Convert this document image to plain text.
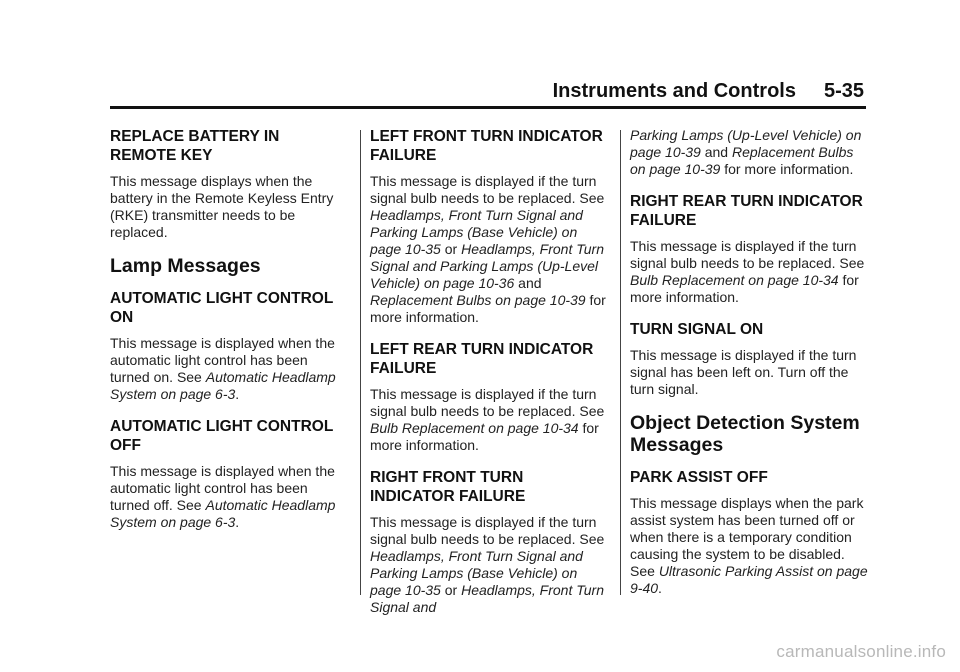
Instruments and Controls 5-35
REPLACE BATTERY IN REMOTE KEY

This message displays when the battery in the Remote Keyless Entry (RKE) transmitter needs to be replaced.

Lamp Messages
AUTOMATIC LIGHT CONTROL ON

This message is displayed when the automatic light control has been turned on. See Automatic Headlamp System on page 6-3.

AUTOMATIC LIGHT CONTROL OFF

This message is displayed when the automatic light control has been turned off. See Automatic Headlamp System on page 6-3.

LEFT FRONT TURN INDICATOR FAILURE

This message is displayed if the turn signal bulb needs to be replaced. See Headlamps, Front Turn Signal and Parking Lamps (Base Vehicle) on page 10-35 or Headlamps, Front Turn Signal and Parking Lamps (Up-Level Vehicle) on page 10-36 and Replacement Bulbs on page 10-39 for more information.

LEFT REAR TURN INDICATOR FAILURE

This message is displayed if the turn signal bulb needs to be replaced. See Bulb Replacement on page 10-34 for more information.

RIGHT FRONT TURN INDICATOR FAILURE

This message is displayed if the turn signal bulb needs to be replaced. See Headlamps, Front Turn Signal and Parking Lamps (Base Vehicle) on page 10-35 or Headlamps, Front Turn Signal and

Parking Lamps (Up-Level Vehicle) on page 10-39 and Replacement Bulbs on page 10-39 for more information.

RIGHT REAR TURN INDICATOR FAILURE

This message is displayed if the turn signal bulb needs to be replaced. See Bulb Replacement on page 10-34 for more information.

TURN SIGNAL ON

This message is displayed if the turn signal has been left on. Turn off the turn signal.

Object Detection System Messages
PARK ASSIST OFF

This message displays when the park assist system has been turned off or when there is a temporary condition causing the system to be disabled. See Ultrasonic Parking Assist on page 9-40.

carmanualsonline.info
